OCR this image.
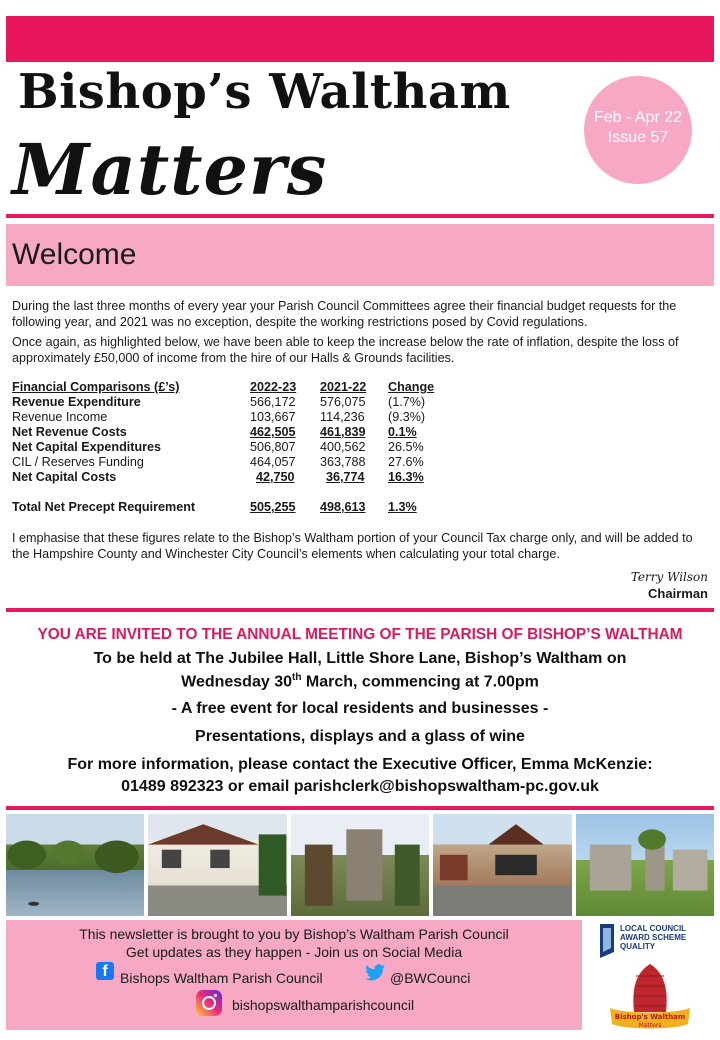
Bishop’s Waltham
Matters
Feb - Apr 22
Issue 57
Welcome

During the last three months of every year your Parish Council Committees agree their financial budget requests for the following year, and 2021 was no exception, despite the working restrictions posed by Covid regulations.

Once again, as highlighted below, we have been able to keep the increase below the rate of inflation, despite the loss of approximately £50,000 of income from the hire of our Halls & Grounds facilities.

Financial Comparisons (£’s)	2022-23 2021-22 Change
Revenue Expenditure	566,172 576,075 (1.7%)
Revenue Income	103,667 114,236 (9.3%)
Net Revenue Costs	462,505 461,839 0.1%
Net Capital Expenditures	506,807 400,562 26.5%
CIL / Reserves Funding	464,057 363,788 27.6%
Net Capital Costs	42,750 36,774 16.3%
Total Net Precept Requirement	505,255 498,613 1.3%

I emphasise that these figures relate to the Bishop’s Waltham portion of your Council Tax charge only, and will be added to the Hampshire County and Winchester City Council’s elements when calculating your total charge.

Terry Wilson
Chairman
YOU ARE INVITED TO THE ANNUAL MEETING OF THE PARISH OF BISHOP’S WALTHAM
To be held at The Jubilee Hall, Little Shore Lane, Bishop’s Waltham on
Wednesday 30th March, commencing at 7.00pm
- A free event for local residents and businesses -
Presentations, displays and a glass of wine
For more information, please contact the Executive Officer, Emma McKenzie:
01489 892323 or email parishclerk@bishopswaltham-pc.gov.uk
This newsletter is brought to you by Bishop’s Waltham Parish Council
Get updates as they happen - Join us on Social Media
f Bishops Waltham Parish Council	@BWCounci
bishopswalthamparishcouncil
LOCAL COUNCIL
AWARD SCHEME
QUALITY
Bishop's Waltham
Matters
